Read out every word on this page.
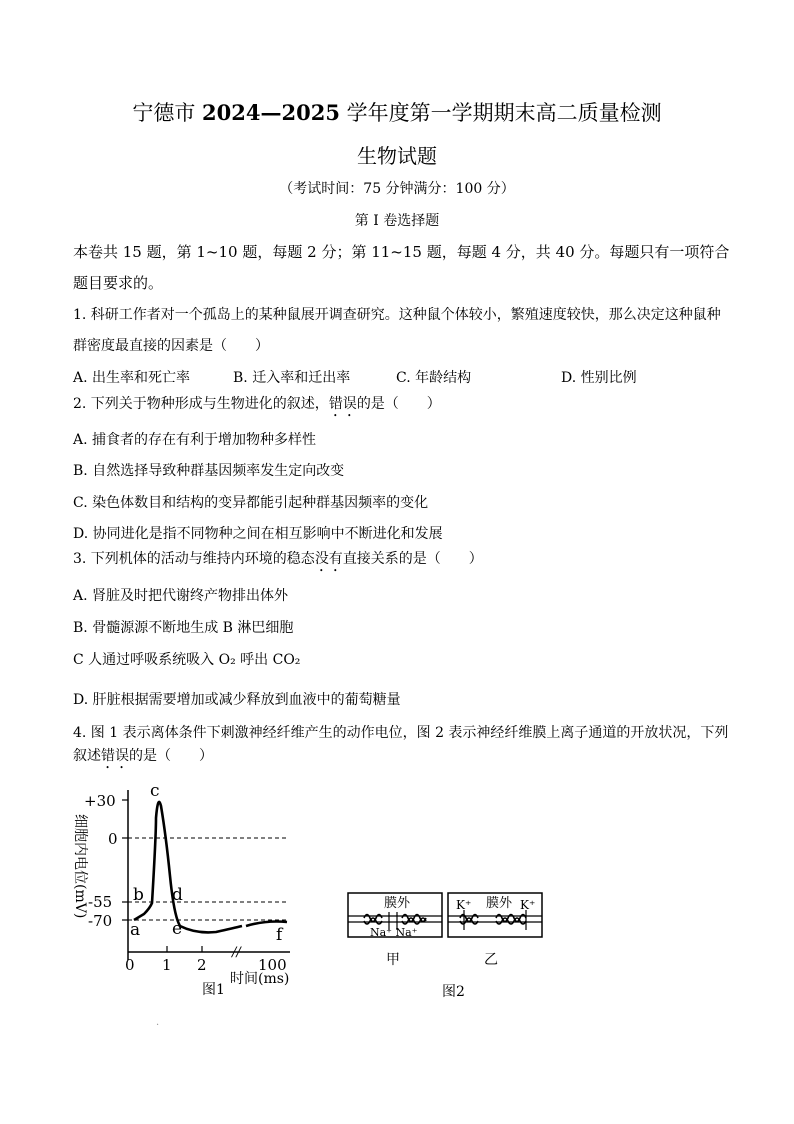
宁德市 2024—2025 学年度第一学期期末高二质量检测
生物试题
（考试时间：75 分钟满分：100 分）
第 I 卷选择题
本卷共 15 题，第 1~10 题，每题 2 分；第 11~15 题，每题 4 分，共 40 分。每题只有一项符合
题目要求的。
1. 科研工作者对一个孤岛上的某种鼠展开调查研究。这种鼠个体较小，繁殖速度较快，那么决定这种鼠种
群密度最直接的因素是（　　）
A. 出生率和死亡率	B. 迁入率和迁出率	C. 年龄结构	D. 性别比例
2. 下列关于物种形成与生物进化的叙述，错误的是（　　）
A. 捕食者的存在有利于增加物种多样性
B. 自然选择导致种群基因频率发生定向改变
C. 染色体数目和结构的变异都能引起种群基因频率的变化
D. 协同进化是指不同物种之间在相互影响中不断进化和发展
3. 下列机体的活动与维持内环境的稳态没有直接关系的是（　　）
A. 肾脏及时把代谢终产物排出体外
B. 骨髓源源不断地生成 B 淋巴细胞
C 人通过呼吸系统吸入 O₂ 呼出 CO₂
D. 肝脏根据需要增加或减少释放到血液中的葡萄糖量
4. 图 1 表示离体条件下刺激神经纤维产生的动作电位，图 2 表示神经纤维膜上离子通道的开放状况，下列
叙述错误的是（　　）
//
+30
0
-55
-70
0 1 2	100
a
b
c
d
e	f
细胞内电位(mV)
时间(ms)
图1
膜外
Na⁺ Na⁺
甲
膜外
K⁺	K⁺
乙
图2
·
